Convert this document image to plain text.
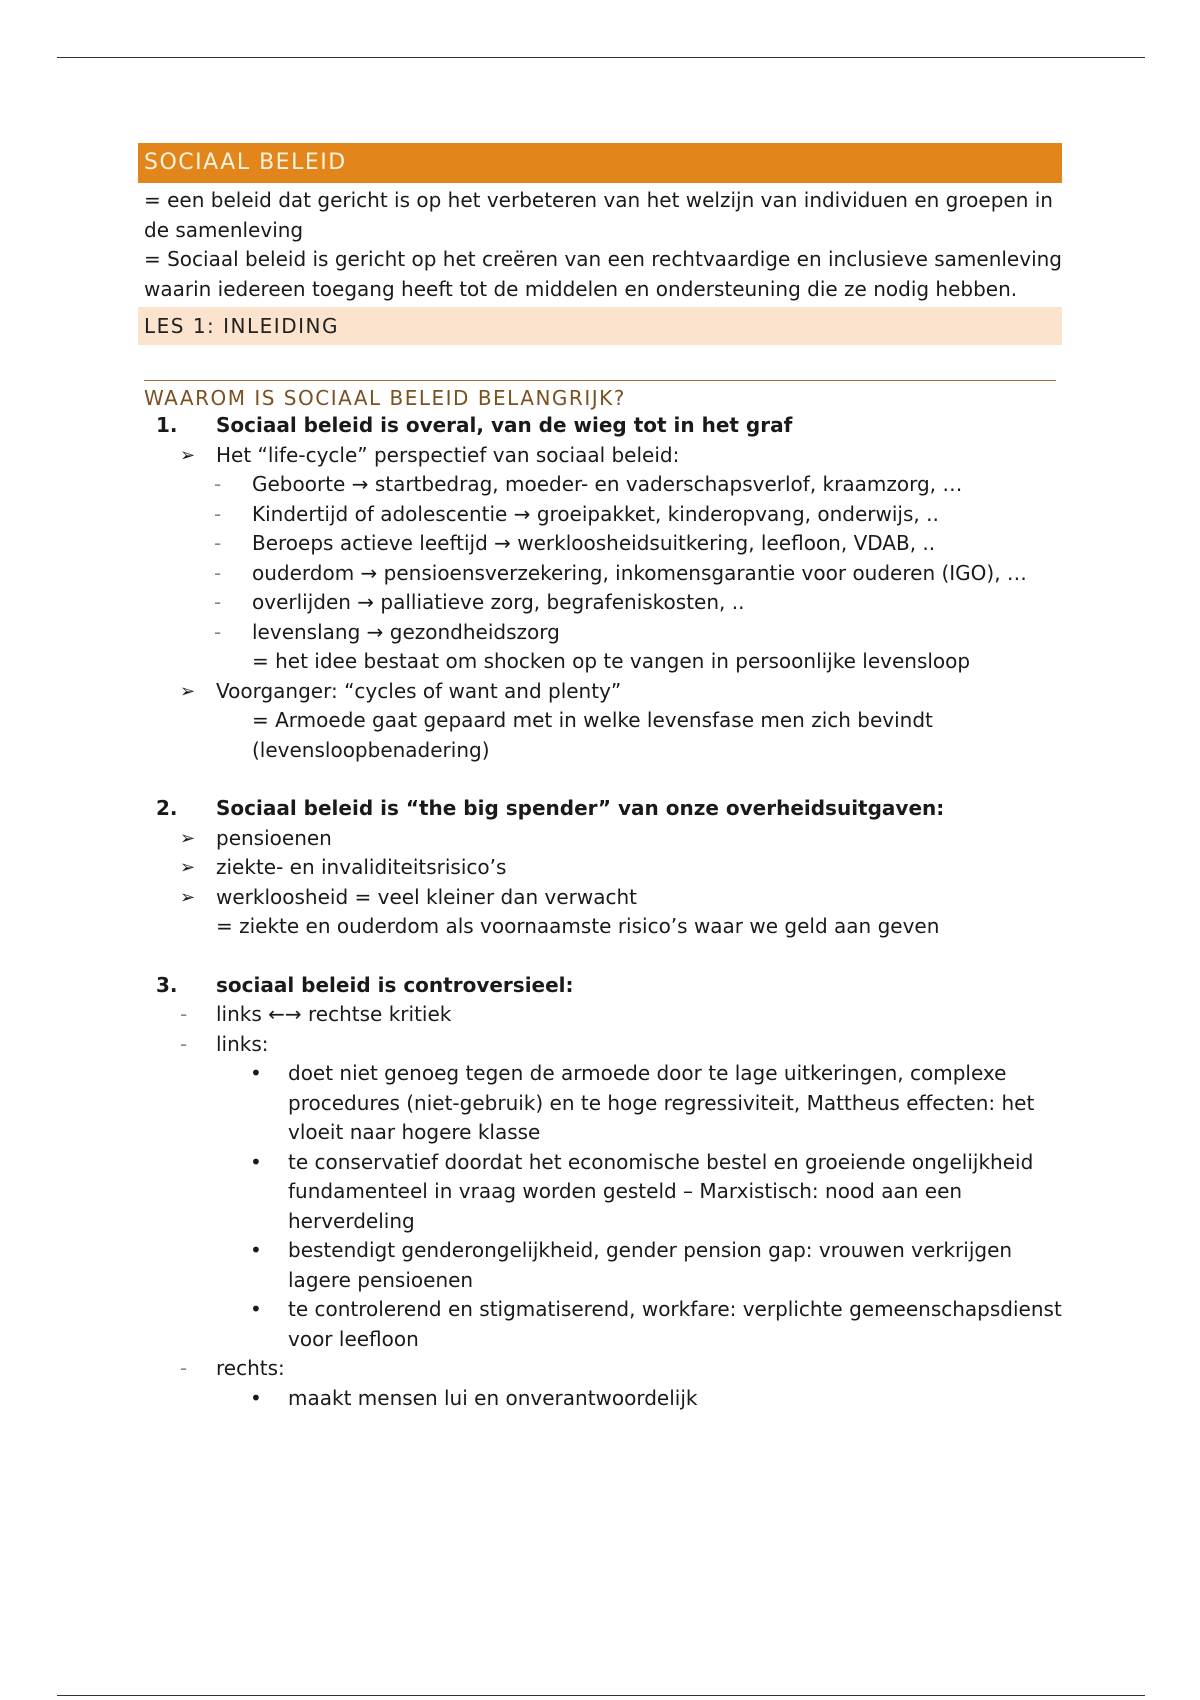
SOCIAAL BELEID
= een beleid dat gericht is op het verbeteren van het welzijn van individuen en groepen in de samenleving
= Sociaal beleid is gericht op het creëren van een rechtvaardige en inclusieve samenleving waarin iedereen toegang heeft tot de middelen en ondersteuning die ze nodig hebben.
LES 1: INLEIDING
WAAROM IS SOCIAAL BELEID BELANGRIJK?
1. Sociaal beleid is overal, van de wieg tot in het graf
➢ Het “life-cycle” perspectief van sociaal beleid:
- Geboorte → startbedrag, moeder- en vaderschapsverlof, kraamzorg, …
- Kindertijd of adolescentie → groeipakket, kinderopvang, onderwijs, ..
- Beroeps actieve leeftijd → werkloosheidsuitkering, leefloon, VDAB, ..
- ouderdom → pensioensverzekering, inkomensgarantie voor ouderen (IGO), …
- overlijden → palliatieve zorg, begrafeniskosten, ..
- levenslang → gezondheidszorg
= het idee bestaat om shocken op te vangen in persoonlijke levensloop
➢ Voorganger: “cycles of want and plenty”
= Armoede gaat gepaard met in welke levensfase men zich bevindt (levensloopbenadering)
2. Sociaal beleid is “the big spender” van onze overheidsuitgaven:
➢ pensioenen
➢ ziekte- en invaliditeitsrisico’s
➢ werkloosheid = veel kleiner dan verwacht
= ziekte en ouderdom als voornaamste risico’s waar we geld aan geven
3. sociaal beleid is controversieel:
- links ←→ rechtse kritiek
- links:
• doet niet genoeg tegen de armoede door te lage uitkeringen, complexe procedures (niet-gebruik) en te hoge regressiviteit, Mattheus effecten: het vloeit naar hogere klasse
• te conservatief doordat het economische bestel en groeiende ongelijkheid fundamenteel in vraag worden gesteld – Marxistisch: nood aan een herverdeling
• bestendigt genderongelijkheid, gender pension gap: vrouwen verkrijgen lagere pensioenen
• te controlerend en stigmatiserend, workfare: verplichte gemeenschapsdienst voor leefloon
- rechts:
• maakt mensen lui en onverantwoordelijk
